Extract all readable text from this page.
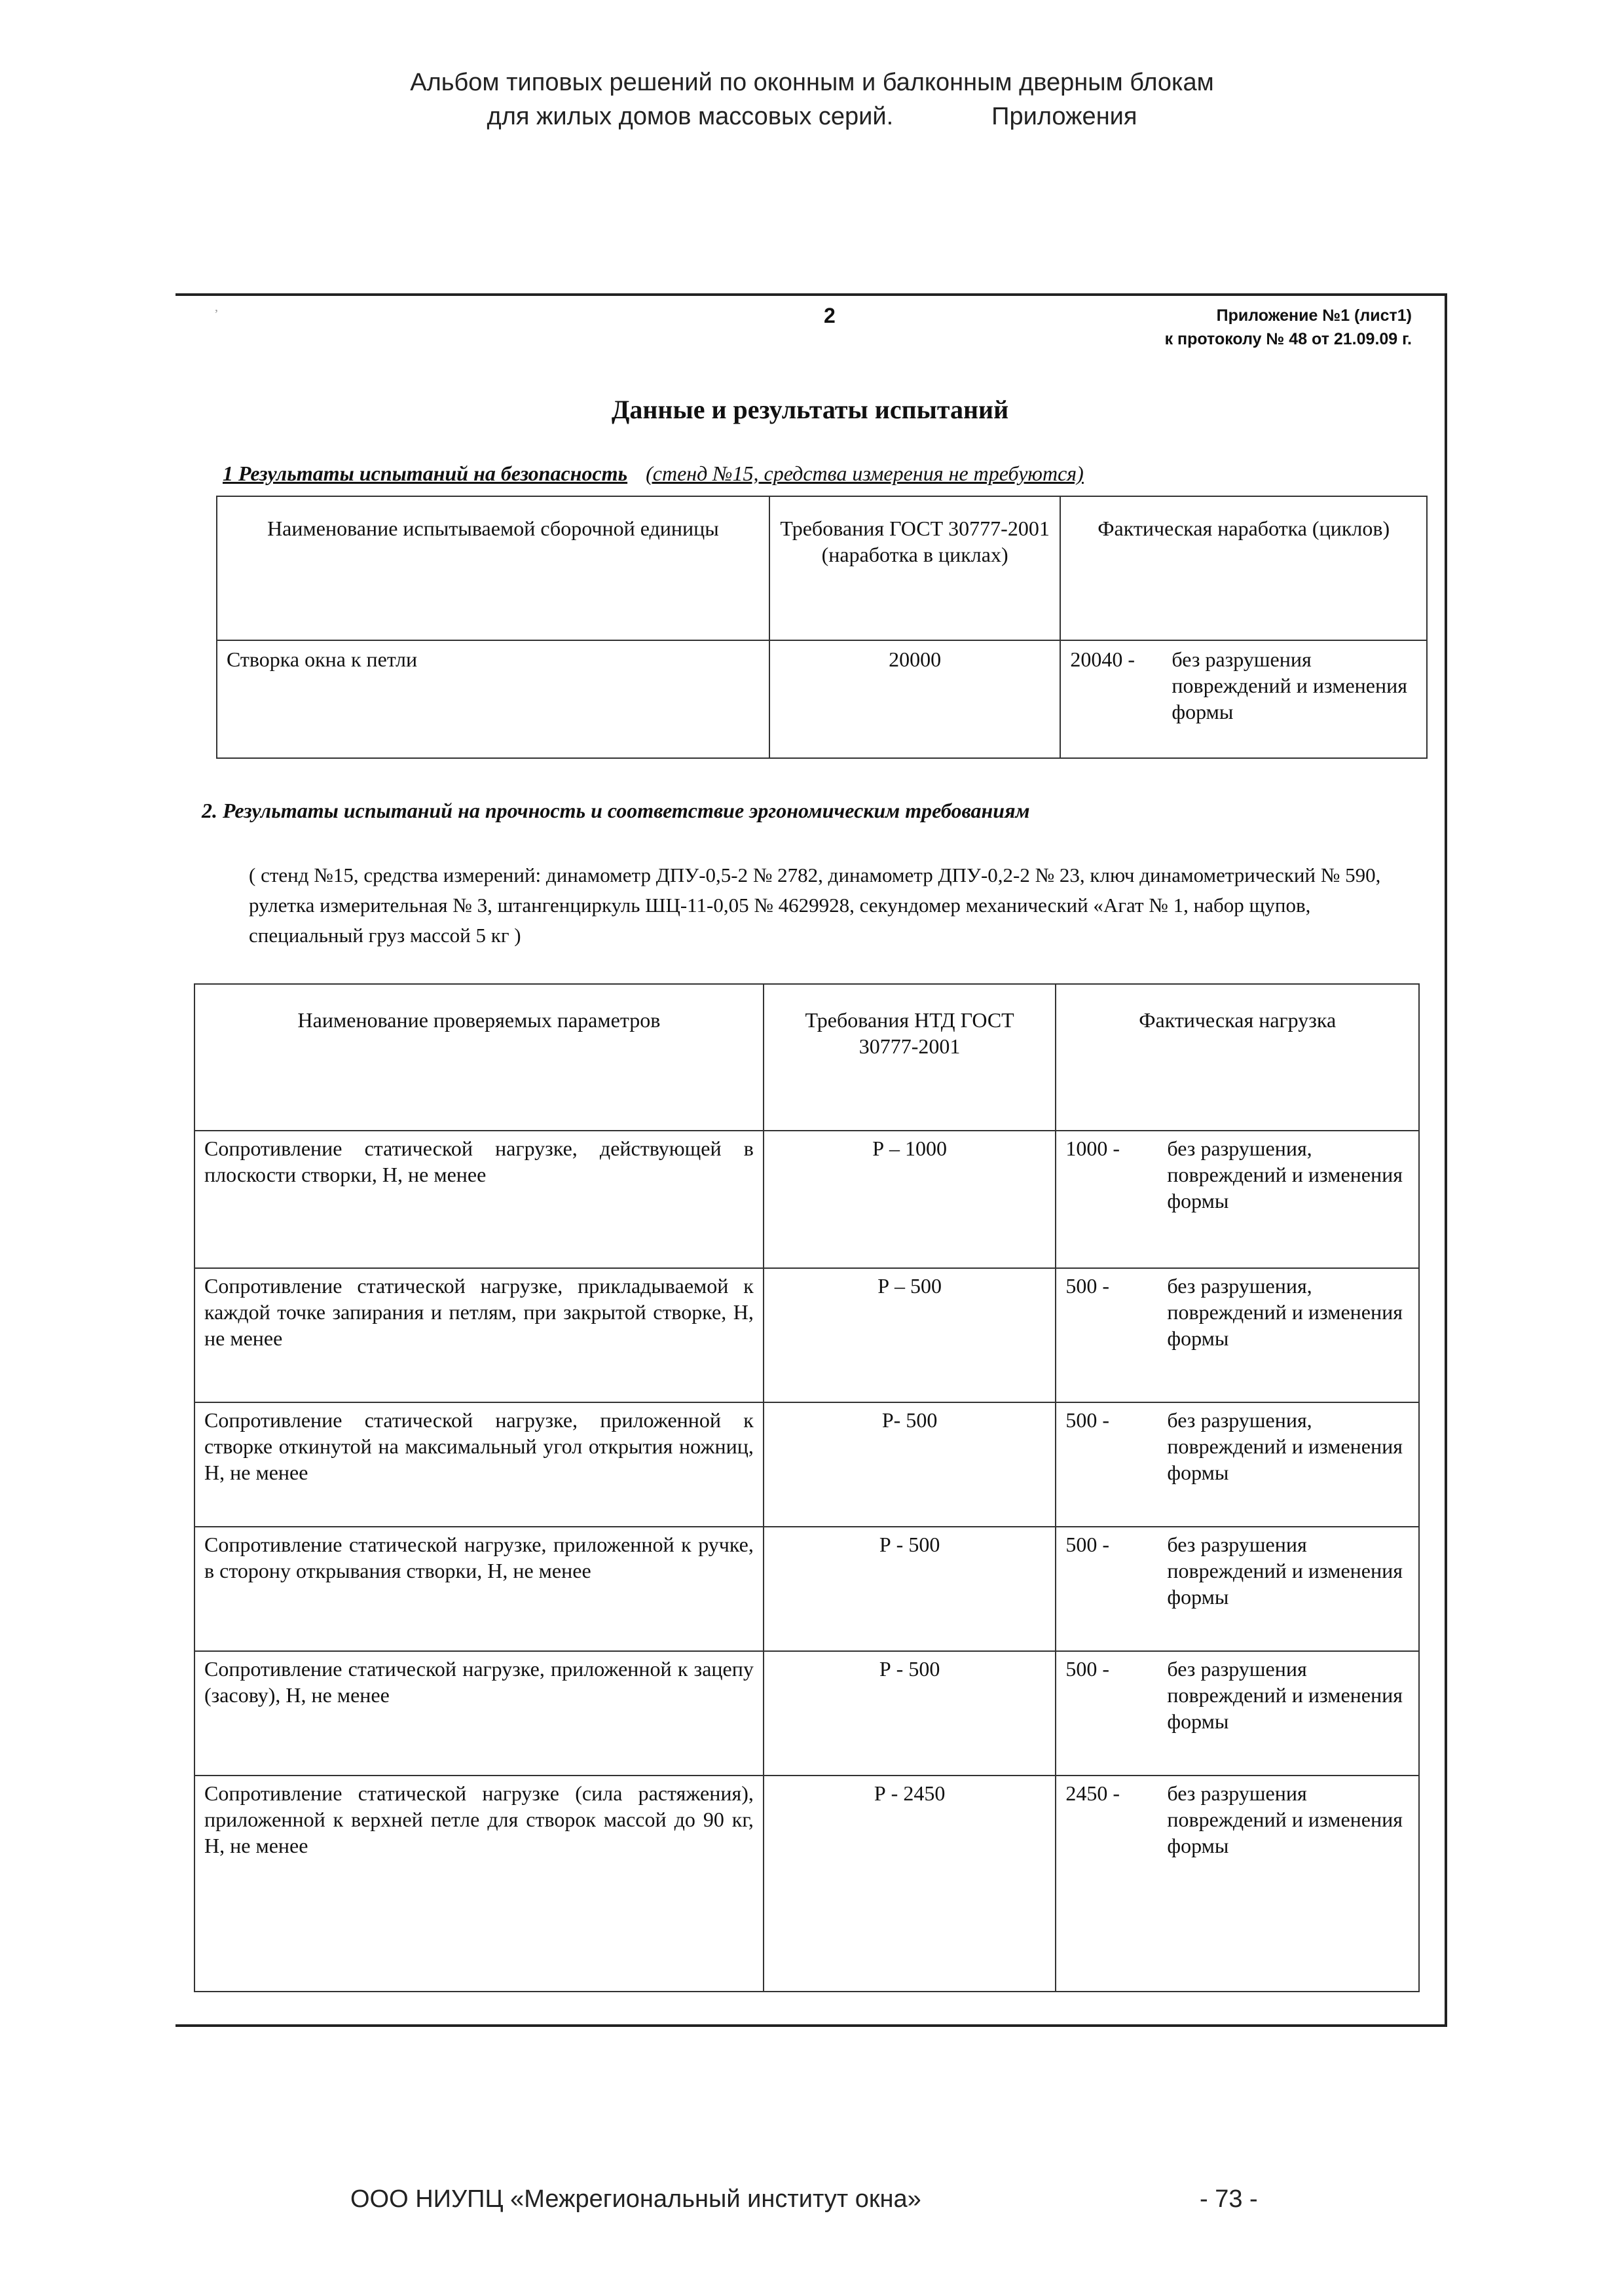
Альбом типовых решений по оконным и балконным дверным блокам
для жилых домов массовых серий.	Приложения
,	2	Приложение №1 (лист1)
к протоколу № 48 от 21.09.09 г.
Данные и результаты испытаний
1 Результаты испытаний на безопасность (стенд №15, средства измерения не требуются)
Наименование испытываемой сборочной единицы	Требования ГОСТ 30777-2001 (наработка в циклах)	Фактическая наработка (циклов)
Створка окна к петли	20000	20040 - без разрушения повреждений и изменения формы
2. Результаты испытаний на прочность и соответствие эргономическим требованиям
( стенд №15, средства измерений: динамометр ДПУ-0,5-2 № 2782, динамометр ДПУ-0,2-2 № 23, ключ динамометрический № 590, рулетка измерительная № 3, штангенциркуль ШЦ-11-0,05 № 4629928, секундомер механический «Агат № 1, набор щупов, специальный груз массой 5 кг )
Наименование проверяемых параметров	Требования НТД ГОСТ 30777-2001	Фактическая нагрузка
Сопротивление статической нагрузке, действующей в плоскости створки, Н, не менее	Р – 1000	1000 - без разрушения, повреждений и изменения формы

Сопротивление статической нагрузке, прикладываемой к каждой точке запирания и петлям, при закрытой створке, Н, не менее	Р – 500	500 - без разрушения, повреждений и изменения формы

Сопротивление статической нагрузке, приложенной к створке откинутой на максимальный угол открытия ножниц, Н, не менее	Р- 500	500 - без разрушения, повреждений и изменения формы

Сопротивление статической нагрузке, приложенной к ручке, в сторону открывания створки, Н, не менее	Р - 500	500 - без разрушения повреждений и изменения формы

Сопротивление статической нагрузке, приложенной к зацепу (засову), Н, не менее	Р - 500	500 - без разрушения повреждений и изменения формы

Сопротивление статической нагрузке (сила растяжения), приложенной к верхней петле для створок массой до 90 кг, Н, не менее	Р - 2450	2450 - без разрушения повреждений и изменения формы
ООО НИУПЦ «Межрегиональный институт окна»	- 73 -
